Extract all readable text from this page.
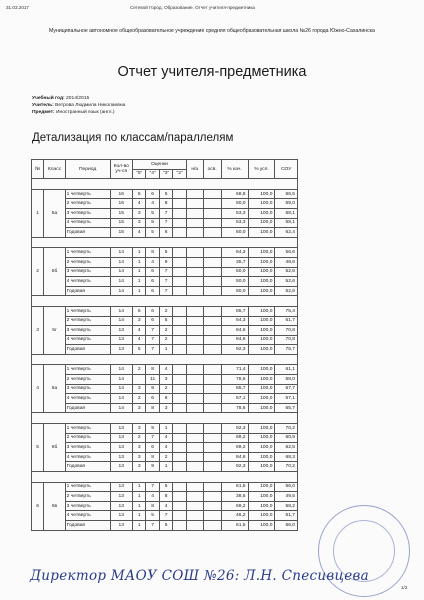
31.03.2017	Сетевой Город. Образование. Отчет учителя-предметника
Муниципальное автономное общеобразовательное учреждение средняя общеобразовательная школа №26 города Южно-Сахалинска
Отчет учителя-предметника
Учебный год: 2014/2015
Учитель: Ветрова Людмила Николаевна
Предмет: Иностранный язык (англ.)
Детализация по классам/параллелям
№	Класс	Период	Кол-во уч-ся	Оценки				н/а	осв.	% кач.	% усп.	СОУ
				"5"	"4"	"3"	"2"					

1	5а	1 четверть	16	5	6	5				68,8	100,0	66,5
		2 четверть	16	4	4	8				50,0	100,0	59,0
		3 четверть	15	3	5	7				53,3	100,0	58,1
		4 четверть	15	3	5	7				53,3	100,0	58,1
		Годовая	15	4	5	6				60,0	100,0	62,4

2	5б	1 четверть	14	1	8	5				64,3	100,0	56,6
		2 четверть	14	1	4	9				35,7	100,0	48,6
		3 четверть	14	1	6	7				50,0	100,0	52,6
		4 четверть	14	1	6	7				50,0	100,0	52,6
		Годовая	14	1	6	7				50,0	100,0	52,6

3	5г	1 четверть	14	6	6	2				85,7	100,0	75,4
		2 четверть	14	3	6	5				64,3	100,0	61,7
		3 четверть	13	4	7	2				84,6	100,0	70,8
		4 четверть	13	4	7	2				84,6	100,0	70,8
		Годовая	13	5	7	1				92,3	100,0	75,7

4	6а	1 четверть	14	2	8	4				71,4	100,0	61,1
		2 четверть	14		11	3				78,6	100,0	58,0
		3 четверть	14	3	9	2				85,7	100,0	67,7
		4 четверть	14	2	6	6				57,1	100,0	57,1
		Годовая	14	3	8	3				78,6	100,0	65,7

5	6б	1 четверть	13	3	9	1				92,3	100,0	70,2
		2 четверть	13	2	7	4				69,2	100,0	60,9
		3 четверть	13	3	6	4				69,2	100,0	62,5
		4 четверть	13	3	8	2				84,6	100,0	68,3
		Годовая	13	3	9	1				92,3	100,0	70,2

6	6в	1 четверть	13	1	7	5				61,5	100,0	56,0
		2 четверть	13	1	4	8				38,5	100,0	49,5
		3 четверть	13	1	8	4				69,2	100,0	58,2
		4 четверть	13	1	5	7				46,2	100,0	51,7
		Годовая	13	1	7	5				61,5	100,0	56,0
Директор МАОУ СОШ №26: Л.Н. Спесивцева
1/2
